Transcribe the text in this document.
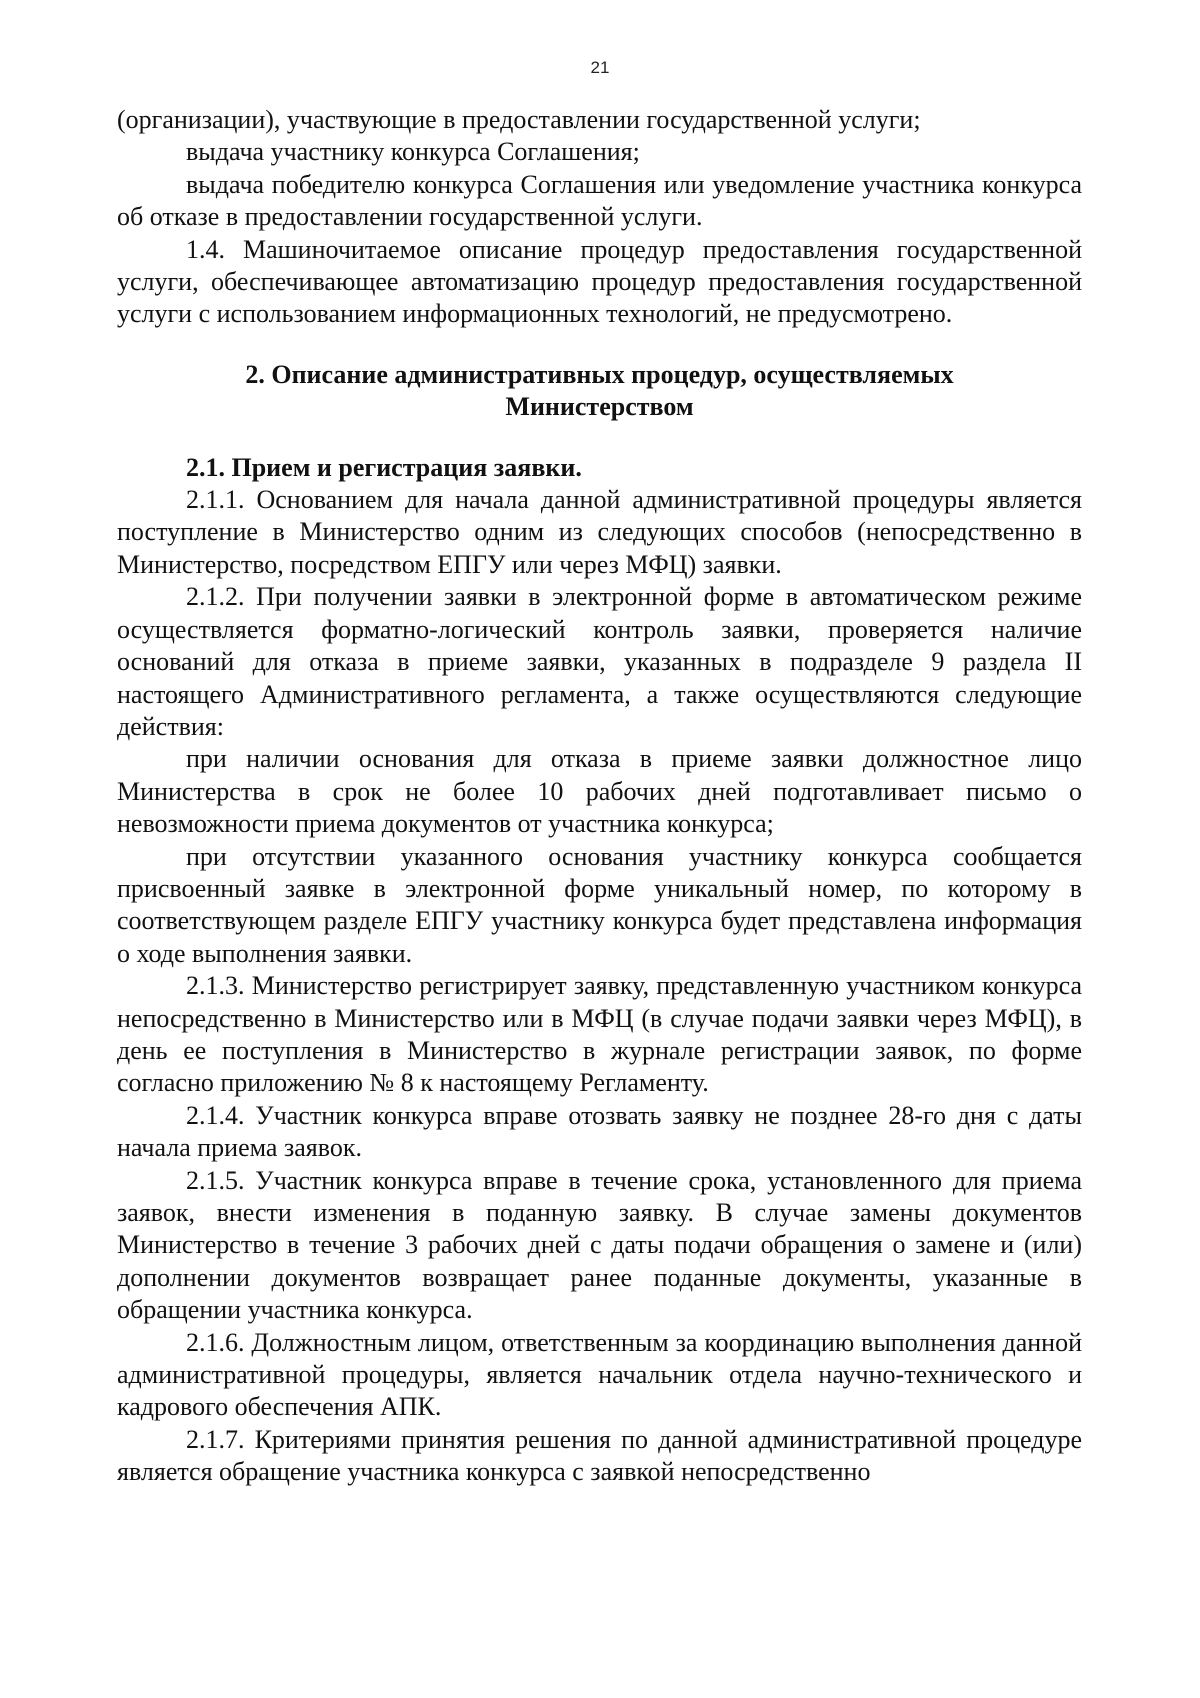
21

(организации), участвующие в предоставлении государственной услуги;

выдача участнику конкурса Соглашения;

выдача победителю конкурса Соглашения или уведомление участника конкурса об отказе в предоставлении государственной услуги.

1.4. Машиночитаемое описание процедур предоставления государственной услуги, обеспечивающее автоматизацию процедур предоставления государственной услуги с использованием информационных технологий, не предусмотрено.

2. Описание административных процедур, осуществляемых
Министерством

2.1. Прием и регистрация заявки.

2.1.1. Основанием для начала данной административной процедуры является поступление в Министерство одним из следующих способов (непосредственно в Министерство, посредством ЕПГУ или через МФЦ) заявки.

2.1.2. При получении заявки в электронной форме в автоматическом режиме осуществляется форматно-логический контроль заявки, проверяется наличие оснований для отказа в приеме заявки, указанных в подразделе 9 раздела II настоящего Административного регламента, а также осуществляются следующие действия:

при наличии основания для отказа в приеме заявки должностное лицо Министерства в срок не более 10 рабочих дней подготавливает письмо о невозможности приема документов от участника конкурса;

при отсутствии указанного основания участнику конкурса сообщается присвоенный заявке в электронной форме уникальный номер, по которому в соответствующем разделе ЕПГУ участнику конкурса будет представлена информация о ходе выполнения заявки.

2.1.3. Министерство регистрирует заявку, представленную участником конкурса непосредственно в Министерство или в МФЦ (в случае подачи заявки через МФЦ), в день ее поступления в Министерство в журнале регистрации заявок, по форме согласно приложению № 8 к настоящему Регламенту.

2.1.4. Участник конкурса вправе отозвать заявку не позднее 28-го дня с даты начала приема заявок.

2.1.5. Участник конкурса вправе в течение срока, установленного для приема заявок, внести изменения в поданную заявку. В случае замены документов Министерство в течение 3 рабочих дней с даты подачи обращения о замене и (или) дополнении документов возвращает ранее поданные документы, указанные в обращении участника конкурса.

2.1.6. Должностным лицом, ответственным за координацию выполнения данной административной процедуры, является начальник отдела научно-технического и кадрового обеспечения АПК.

2.1.7. Критериями принятия решения по данной административной процедуре является обращение участника конкурса с заявкой непосредственно
